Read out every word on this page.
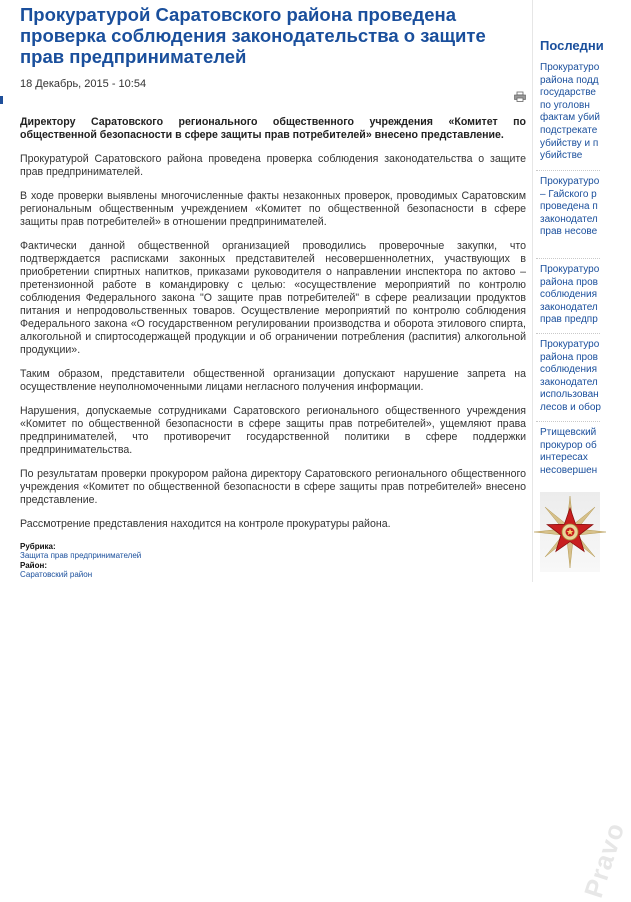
Прокуратурой Саратовского района проведена проверка соблюдения законодательства о защите прав предпринимателей
18 Декабрь, 2015 - 10:54

Директору Саратовского регионального общественного учреждения «Комитет по общественной безопасности в сфере защиты прав потребителей» внесено представление.

Прокуратурой Саратовского района проведена проверка соблюдения законодательства о защите прав предпринимателей.

В ходе проверки выявлены многочисленные факты незаконных проверок, проводимых Саратовским региональным общественным учреждением «Комитет по общественной безопасности в сфере защиты прав потребителей» в отношении предпринимателей.

Фактически данной общественной организацией проводились проверочные закупки, что подтверждается расписками законных представителей несовершеннолетних, участвующих в приобретении спиртных напитков, приказами руководителя о направлении инспектора по актово – претензионной работе в командировку с целью: «осуществление мероприятий по контролю соблюдения Федерального закона "О защите прав потребителей" в сфере реализации продуктов питания и непродовольственных товаров. Осуществление мероприятий по контролю соблюдения Федерального закона «О государственном регулировании производства и оборота этилового спирта, алкогольной и спиртосодержащей продукции и об ограничении потребления (распития) алкогольной продукции».

Таким образом, представители общественной организации допускают нарушение запрета на осуществление неуполномоченными лицами негласного получения информации.

Нарушения, допускаемые сотрудниками Саратовского регионального общественного учреждения «Комитет по общественной безопасности в сфере защиты прав потребителей», ущемляют права предпринимателей, что противоречит государственной политики в сфере поддержки предпринимательства.

По результатам проверки прокурором района директору Саратовского регионального общественного учреждения «Комитет по общественной безопасности в сфере защиты прав потребителей» внесено представление.

Рассмотрение представления находится на контроле прокуратуры района.

Рубрика:
Защита прав предпринимателей
Район:
Саратовский район
Последни
Прокуратуро
района подд
государстве
по уголовн
фактам убий
подстрекате
убийству и п
убийстве
Прокуратуро
– Гайского р
проведена п
законодател
прав несове
Прокуратуро
района пров
соблюдения
законодател
прав предпр
Прокуратуро
района пров
соблюдения
законодател
использован
лесов и обор
Ртищевский
прокурор об
интересах
несовершен
Pravo
